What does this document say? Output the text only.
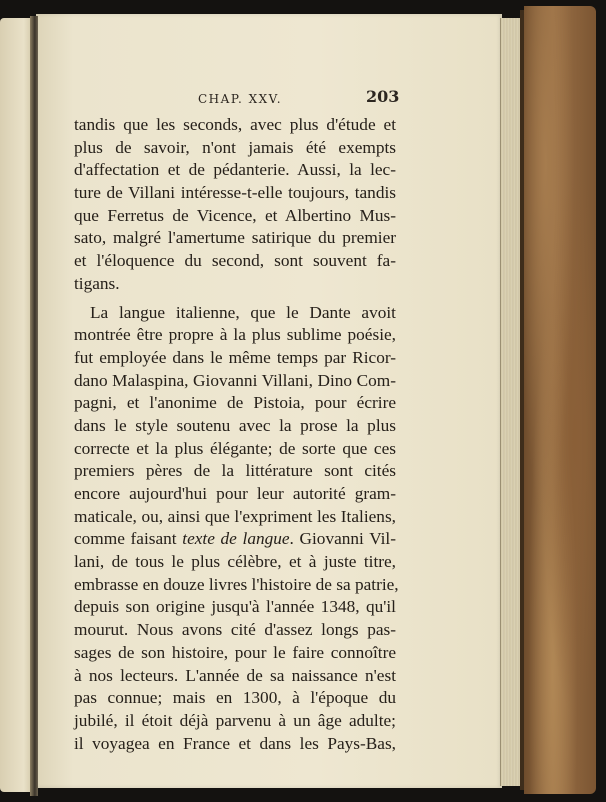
CHAP. XXV.	203
tandis que les seconds, avec plus d'étude et
plus de savoir, n'ont jamais été exempts
d'affectation et de pédanterie. Aussi, la lec-
ture de Villani intéresse-t-elle toujours, tandis
que Ferretus de Vicence, et Albertino Mus-
sato, malgré l'amertume satirique du premier
et l'éloquence du second, sont souvent fa-
tigans.
La langue italienne, que le Dante avoit
montrée être propre à la plus sublime poésie,
fut employée dans le même temps par Ricor-
dano Malaspina, Giovanni Villani, Dino Com-
pagni, et l'anonime de Pistoia, pour écrire
dans le style soutenu avec la prose la plus
correcte et la plus élégante; de sorte que ces
premiers pères de la littérature sont cités
encore aujourd'hui pour leur autorité gram-
maticale, ou, ainsi que l'expriment les Italiens,
comme faisant texte de langue. Giovanni Vil-
lani, de tous le plus célèbre, et à juste titre,
embrasse en douze livres l'histoire de sa patrie,
depuis son origine jusqu'à l'année 1348, qu'il
mourut. Nous avons cité d'assez longs pas-
sages de son histoire, pour le faire connoître
à nos lecteurs. L'année de sa naissance n'est
pas connue; mais en 1300, à l'époque du
jubilé, il étoit déjà parvenu à un âge adulte;
il voyagea en France et dans les Pays-Bas,
